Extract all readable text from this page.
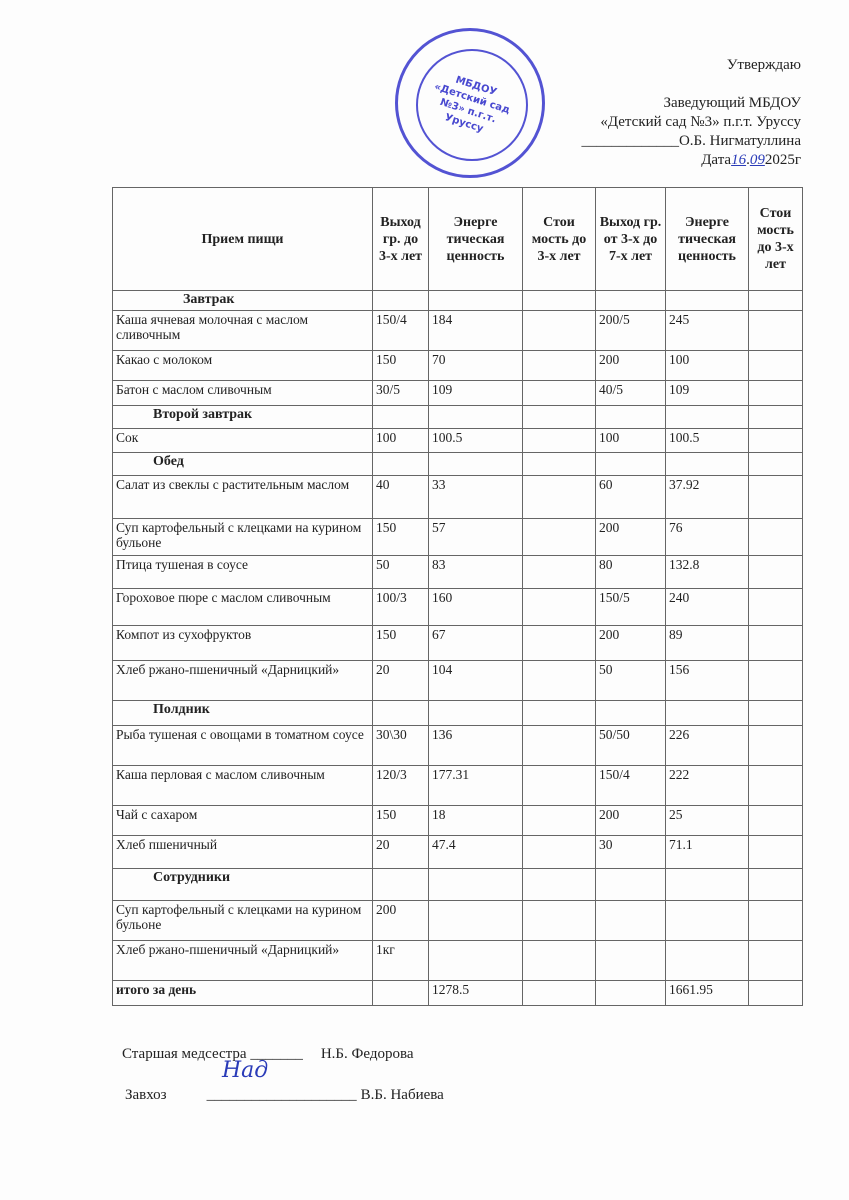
Утверждаю
Заведующий МБДОУ
«Детский сад №3» п.г.т. Уруссу
_____________О.Б. Нигматуллина
Дата16.092025г
Прием пищи	Выход гр. до 3-х лет	Энерге тическая ценность	Стои мость до 3-х лет	Выход гр. от 3-х до 7-х лет	Энерге тическая ценность	Стои мость до 3-х лет
Завтрак						
Каша ячневая молочная с маслом сливочным	150/4	184		200/5	245	
Какао с молоком	150	70		200	100	
Батон с маслом сливочным	30/5	109		40/5	109	
Второй завтрак						
Сок	100	100.5		100	100.5	
Обед						
Салат из свеклы с растительным маслом	40	33		60	37.92	
Суп картофельный с клецками на курином бульоне	150	57		200	76	
Птица тушеная в соусе	50	83		80	132.8	
Гороховое пюре с маслом сливочным	100/3	160		150/5	240	
Компот из сухофруктов	150	67		200	89	
Хлеб ржано-пшеничный «Дарницкий»	20	104		50	156	
Полдник						
Рыба тушеная с овощами в томатном соусе	30\30	136		50/50	226	
Каша перловая с маслом сливочным	120/3	177.31		150/4	222	
Чай с сахаром	150	18		200	25	
Хлеб пшеничный	20	47.4		30	71.1	
Сотрудники						
Суп картофельный с клецками на курином бульоне	200					
Хлеб ржано-пшеничный «Дарницкий»	1кг					
итого за день		1278.5			1661.95	
МБДОУ «Детский сад №3» п.г.т. Уруссу
Старшая медсестра _______ Н.Б. Федорова
Завхоз	____________________ В.Б. Набиева
Над
